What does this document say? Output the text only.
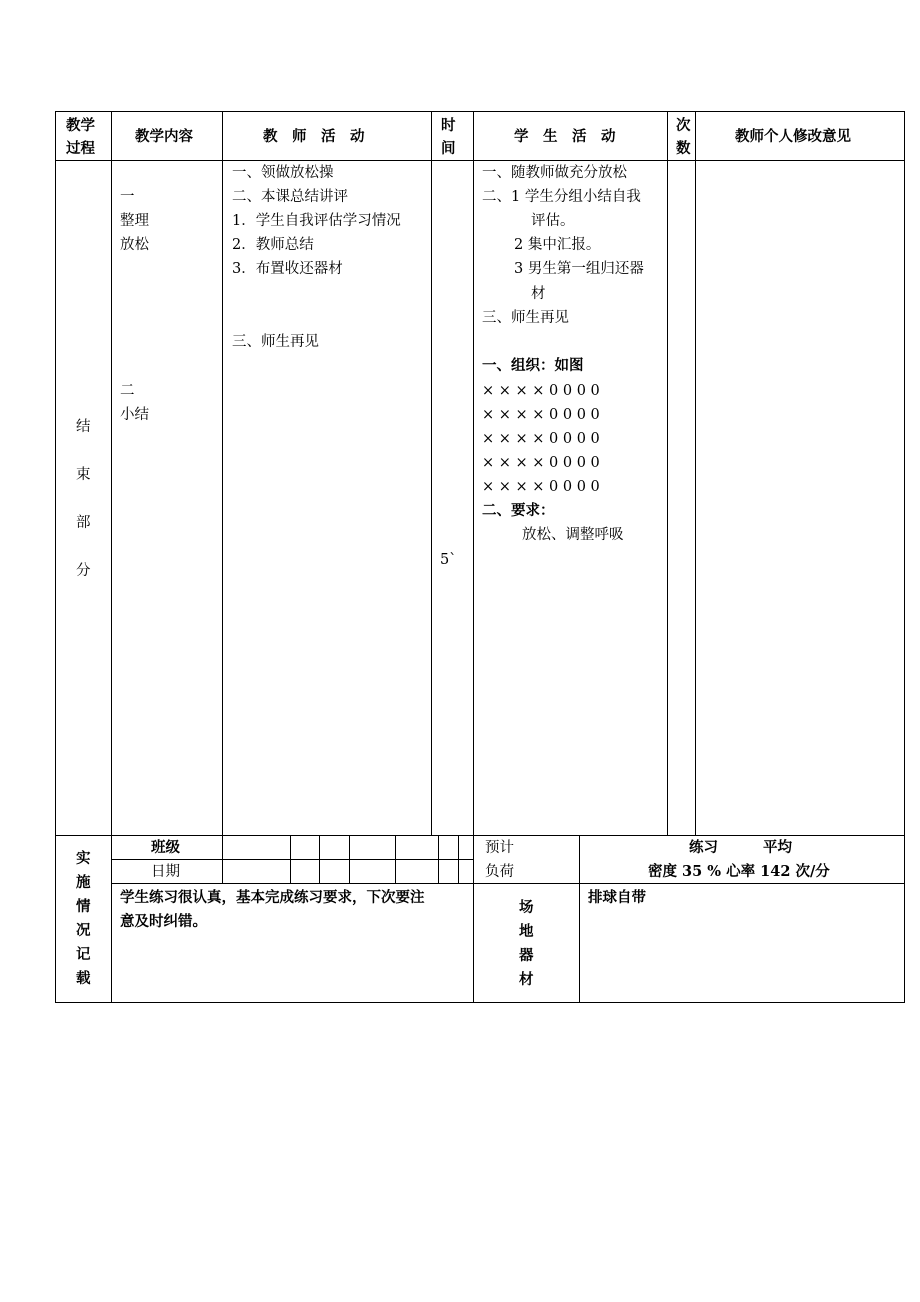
教学
过程
教学内容	教　师　活　动
时
间
学　生　活　动
次
数
教师个人修改意见
结
束
部
分
一
整理
放松
二
小结
一、领做放松操
二、本课总结讲评
1．学生自我评估学习情况
2．教师总结
3．布置收还器材
三、师生再见
5`
一、随教师做充分放松
二、1 学生分组小结自我
评估。
2 集中汇报。
3 男生第一组归还器
材
三、师生再见
一、组织：如图
× × × × 0 0 0 0
× × × × 0 0 0 0
× × × × 0 0 0 0
× × × × 0 0 0 0
× × × × 0 0 0 0
二、要求：
放松、调整呼吸
实
施
情
况
记
载
班级
日期
预计
负荷
练习	平均
密度 35 % 心率 142 次/分
学生练习很认真，基本完成练习要求，下次要注
意及时纠错。
场
地
器
材
排球自带
